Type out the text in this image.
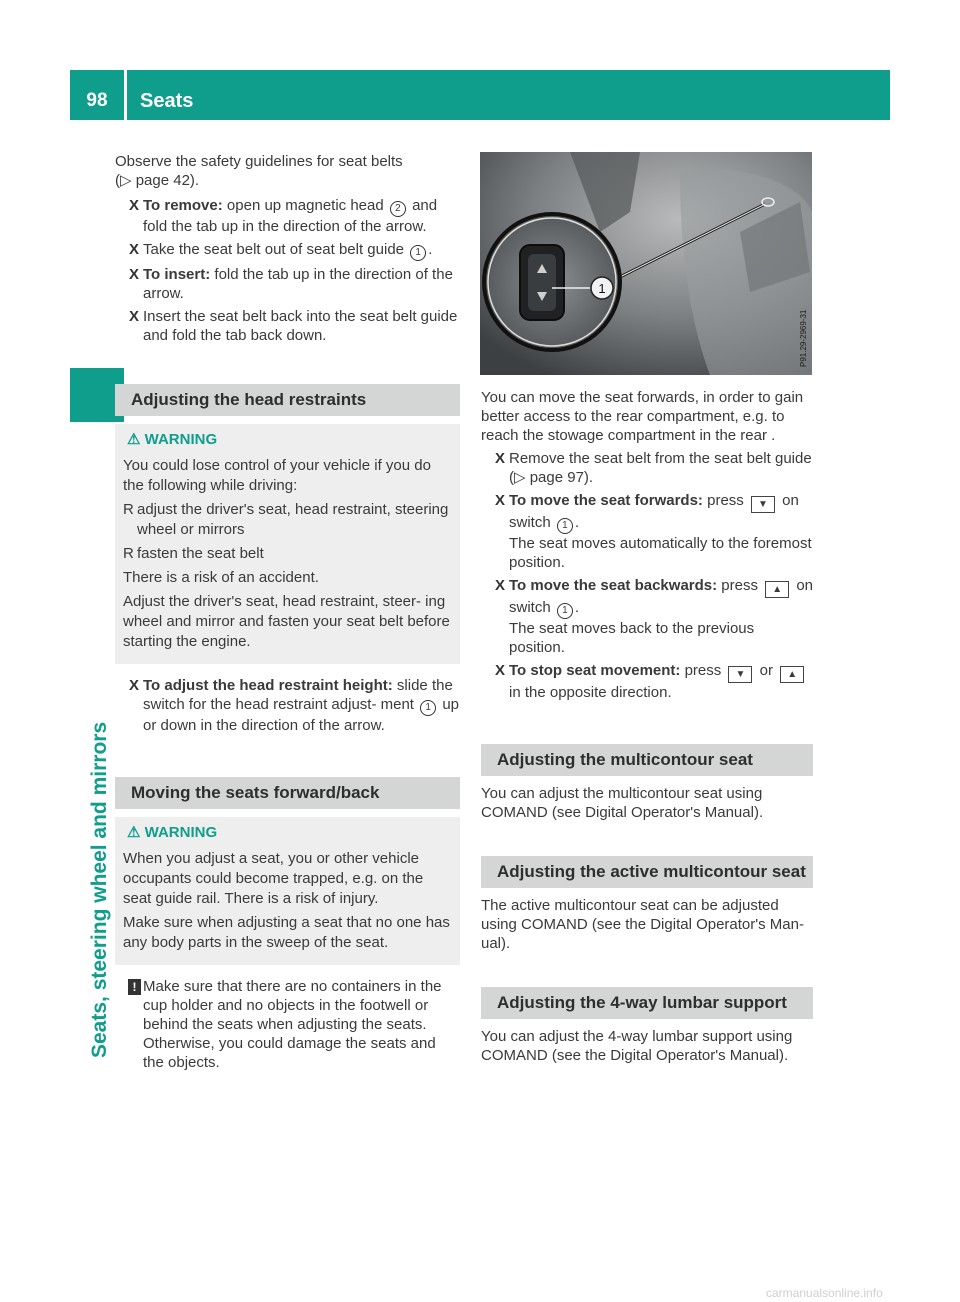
98	Seats
Seats, steering wheel and mirrors

Observe the safety guidelines for seat belts
(▷ page 42).

X To remove: open up magnetic head 2 and fold the tab up in the direction of the arrow.
X Take the seat belt out of seat belt guide 1 .
X To insert: fold the tab up in the direction of the arrow.
X Insert the seat belt back into the seat belt guide and fold the tab back down.
Adjusting the head restraints
⚠ WARNING

You could lose control of your vehicle if you do the following while driving:

R adjust the driver's seat, head restraint, steering wheel or mirrors

R fasten the seat belt

There is a risk of an accident.

Adjust the driver's seat, head restraint, steer- ing wheel and mirror and fasten your seat belt before starting the engine.

X To adjust the head restraint height: slide the switch for the head restraint adjust- ment 1 up or down in the direction of the arrow.
Moving the seats forward/back
⚠ WARNING

When you adjust a seat, you or other vehicle occupants could become trapped, e.g. on the seat guide rail. There is a risk of injury.

Make sure when adjusting a seat that no one has any body parts in the sweep of the seat.

! Make sure that there are no containers in the cup holder and no objects in the footwell or behind the seats when adjusting the seats. Otherwise, you could damage the seats and the objects.
1
P91.29-2969-31

You can move the seat forwards, in order to gain better access to the rear compartment, e.g. to reach the stowage compartment in the rear .

X Remove the seat belt from the seat belt guide
(▷ page 97).
X To move the seat forwards: press ▼ on switch 1 .
The seat moves automatically to the foremost position.
X To move the seat backwards: press ▲ on switch 1 .
The seat moves back to the previous position.
X To stop seat movement: press ▼ or ▲ in the opposite direction.
Adjusting the multicontour seat

You can adjust the multicontour seat using COMAND (see Digital Operator's Manual).

Adjusting the active multicontour seat

The active multicontour seat can be adjusted using COMAND (see the Digital Operator's Man- ual).

Adjusting the 4-way lumbar support

You can adjust the 4-way lumbar support using COMAND (see the Digital Operator's Manual).

carmanualsonline.info
